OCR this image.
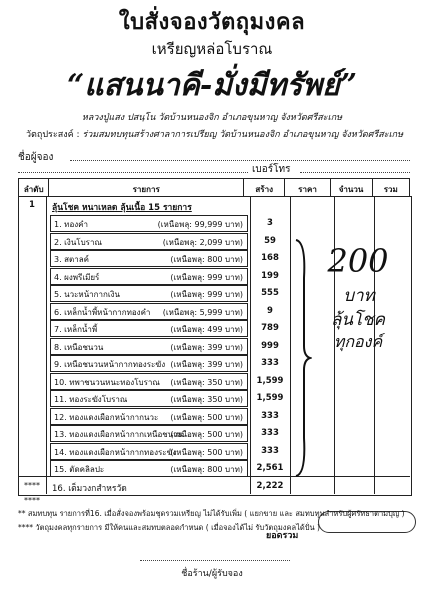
ใบสั่งจองวัตถุมงคล
เหรียญหล่อโบราณ
“แสนนาคี-มั่งมีทรัพย์”
หลวงปู่แสง ปสนฺโน วัดบ้านหนองจิก อำเภอขุนหาญ จังหวัดศรีสะเกษ
วัตถุประสงค์ : ร่วมสมทบทุนสร้างศาลาการเปรียญ วัดบ้านหนองจิก อำเภอขุนหาญ จังหวัดศรีสะเกษ
ชื่อผู้จอง
เบอร์โทร
ลำดับ	รายการ	สร้าง	ราคา	จำนวน	รวม
1	ลุ้นโชค หนาเหลด ลุ้นเนื้อ 15 รายการ
1. ทองคำ	(เหนือพลุ: 99,999 บาท)	3
2. เงินโบราณ	(เหนือพลุ: 2,099 บาท)	59
3. สตาลค์	(เหนือพลุ: 800 บาท)	168
4. ผงพรีเมียร์	(เหนือพลุ: 999 บาท)	199
5. นวะหน้ากากเงิน	(เหนือพลุ: 999 บาท)	555
6. เหล็กน้ำพี้หน้ากากทองคำ (เหนือพลุ: 5,999 บาท)	9
7. เหล็กน้ำพี้	(เหนือพลุ: 499 บาท)	789
8. เหนือชนวน	(เหนือพลุ: 399 บาท)	999
9. เหนือชนวนหน้ากากทองระฆัง (เหนือพลุ: 399 บาท)	333
10. ทพาชนวนหนะทองโบราณ (เหนือพลุ: 350 บาท)	1,599
11. ทองระฆังโบราณ	(เหนือพลุ: 350 บาท)	1,599
12. ทองแดงเผือกหน้ากากนวะ (เหนือพลุ: 500 บาท)	333
13. ทองแดงเผือกหน้ากากเหนือชนวน
(เหนือพลุ: 500 บาท)	333
14. ทองแดงเผือกหน้ากากทองระฆัง
(เหนือพลุ: 500 บาท)	333
15. ตัดคลิลปะ	(เหนือพลุ: 800 บาท)	2,561
****	16. เต็มวงกสำหรวัด	2,222
200
บาท
ลุ้นโชค
ทุกองค์
****
ยอดรวม
** สมทบทุน รายการที่16. เมื่อสั่งจองพร้อมชุดรวมเหรียญ ไม่ได้รับเพิ่ม ( แยกขาย และ สมทบทุนสำหรับผู้ศรัทธาตามบุญ )
**** วัตถุมงคลทุกรายการ มีให้คนและสมทบตลอดกำหนด ( เมื่อจองได้ไม่ รับวัตถุมงคลได้ปั่น )
ชื่อร้าน/ผู้รับจอง
